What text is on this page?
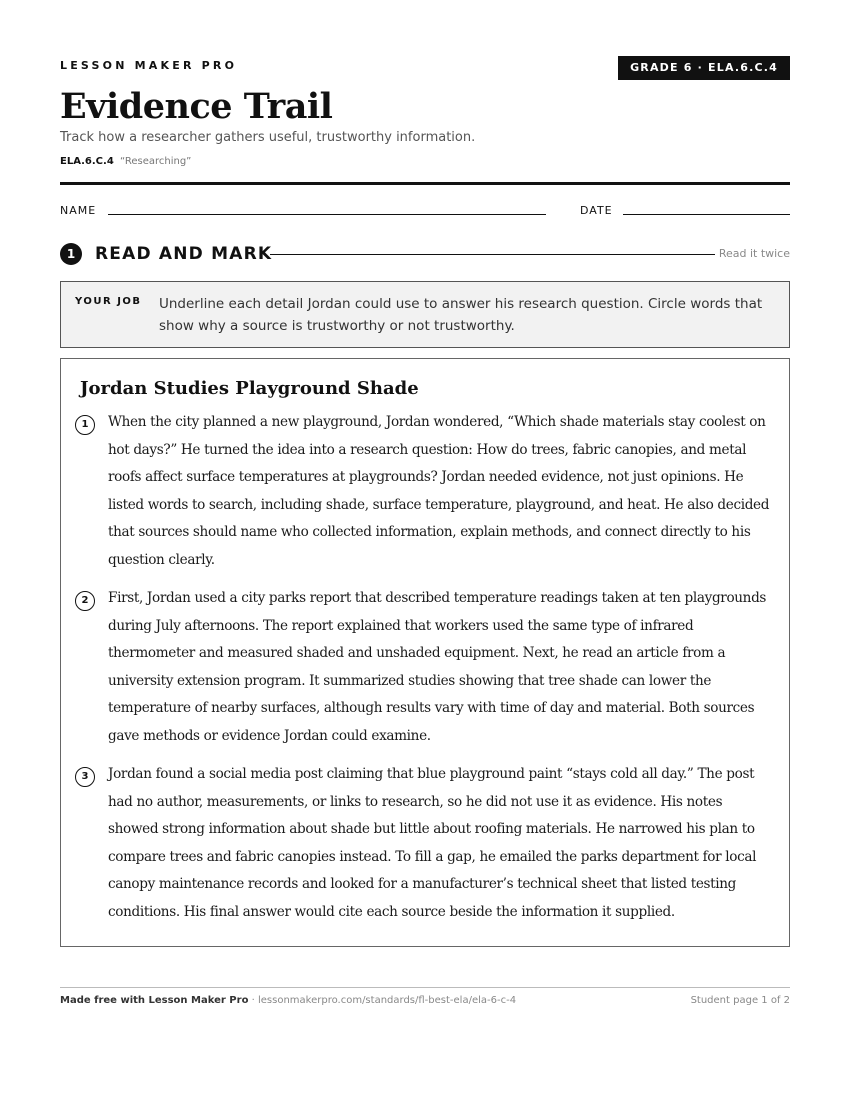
LESSON MAKER PRO	GRADE 6 · ELA.6.C.4
Evidence Trail
Track how a researcher gathers useful, trustworthy information.
ELA.6.C.4 “Researching”
NAME	DATE
1	READ AND MARK	Read it twice
YOUR JOB Underline each detail Jordan could use to answer his research question. Circle words that show why a source is trustworthy or not trustworthy.
Jordan Studies Playground Shade
1	When the city planned a new playground, Jordan wondered, “Which shade materials stay coolest on hot days?” He turned the idea into a research question: How do trees, fabric canopies, and metal roofs affect surface temperatures at playgrounds? Jordan needed evidence, not just opinions. He listed words to search, including shade, surface temperature, playground, and heat. He also decided that sources should name who collected information, explain methods, and connect directly to his question clearly.

2	First, Jordan used a city parks report that described temperature readings taken at ten playgrounds during July afternoons. The report explained that workers used the same type of infrared thermometer and measured shaded and unshaded equipment. Next, he read an article from a university extension program. It summarized studies showing that tree shade can lower the temperature of nearby surfaces, although results vary with time of day and material. Both sources gave methods or evidence Jordan could examine.

3	Jordan found a social media post claiming that blue playground paint “stays cold all day.” The post had no author, measurements, or links to research, so he did not use it as evidence. His notes showed strong information about shade but little about roofing materials. He narrowed his plan to compare trees and fabric canopies instead. To fill a gap, he emailed the parks department for local canopy maintenance records and looked for a manufacturer’s technical sheet that listed testing conditions. His final answer would cite each source beside the information it supplied.

Made free with Lesson Maker Pro · lessonmakerpro.com/standards/fl-best-ela/ela-6-c-4	Student page 1 of 2
